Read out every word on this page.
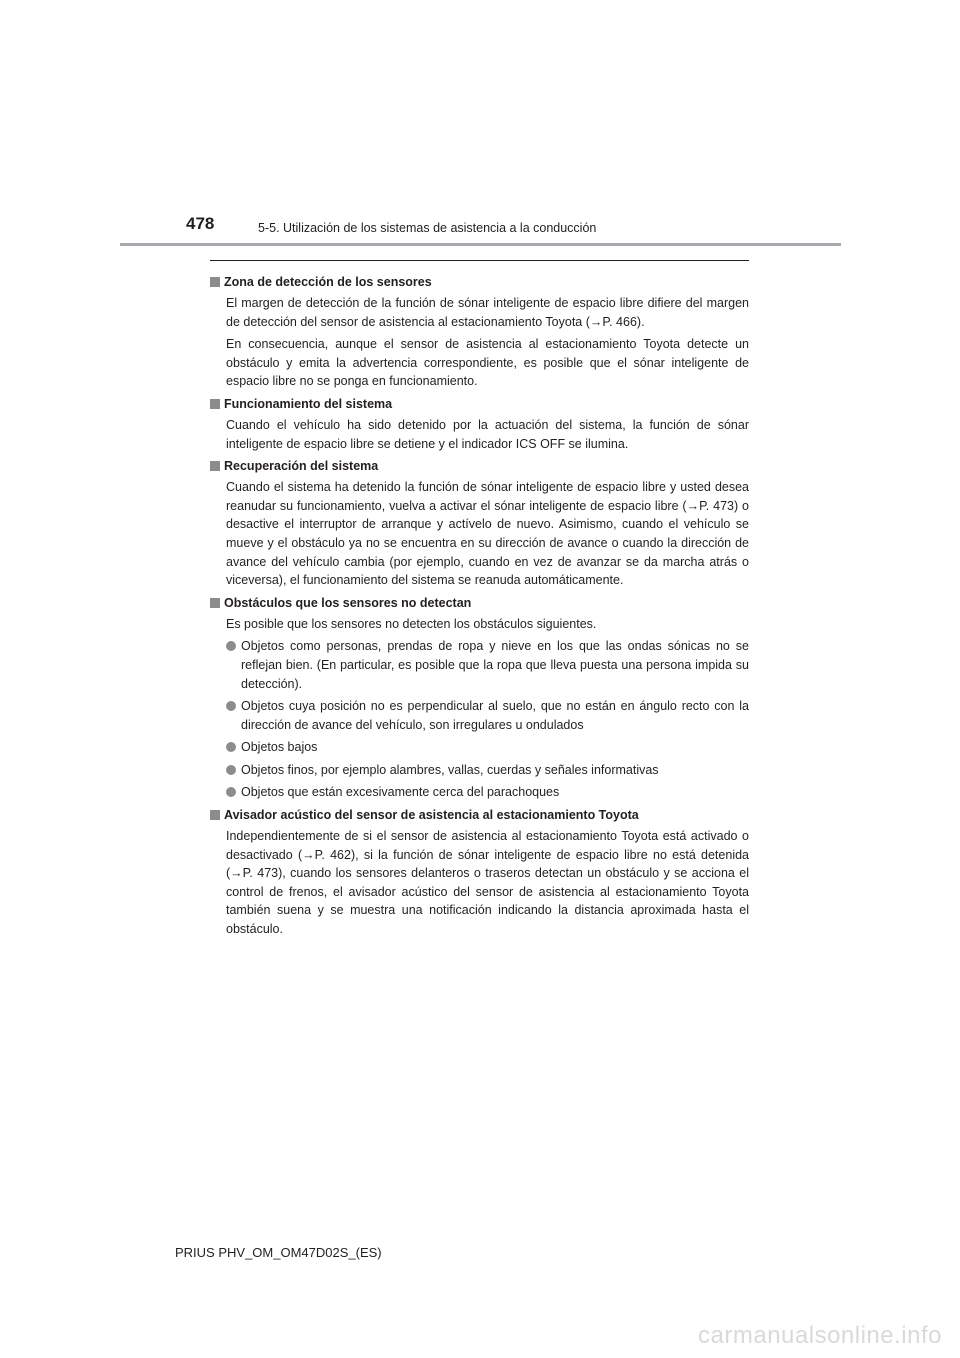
478	5-5. Utilización de los sistemas de asistencia a la conducción
Zona de detección de los sensores

El margen de detección de la función de sónar inteligente de espacio libre difiere del margen de detección del sensor de asistencia al estacionamiento Toyota (→P. 466).

En consecuencia, aunque el sensor de asistencia al estacionamiento Toyota detecte un obstáculo y emita la advertencia correspondiente, es posible que el sónar inteligente de espacio libre no se ponga en funcionamiento.

Funcionamiento del sistema

Cuando el vehículo ha sido detenido por la actuación del sistema, la función de sónar inteligente de espacio libre se detiene y el indicador ICS OFF se ilumina.

Recuperación del sistema

Cuando el sistema ha detenido la función de sónar inteligente de espacio libre y usted desea reanudar su funcionamiento, vuelva a activar el sónar inteligente de espacio libre (→P. 473) o desactive el interruptor de arranque y actívelo de nuevo. Asimismo, cuando el vehículo se mueve y el obstáculo ya no se encuentra en su dirección de avance o cuando la dirección de avance del vehículo cambia (por ejemplo, cuando en vez de avanzar se da marcha atrás o viceversa), el funcionamiento del sistema se reanuda automáticamente.

Obstáculos que los sensores no detectan

Es posible que los sensores no detecten los obstáculos siguientes.

Objetos como personas, prendas de ropa y nieve en los que las ondas sónicas no se reflejan bien. (En particular, es posible que la ropa que lleva puesta una persona impida su detección).
Objetos cuya posición no es perpendicular al suelo, que no están en ángulo recto con la dirección de avance del vehículo, son irregulares u ondulados
Objetos bajos
Objetos finos, por ejemplo alambres, vallas, cuerdas y señales informativas
Objetos que están excesivamente cerca del parachoques
Avisador acústico del sensor de asistencia al estacionamiento Toyota

Independientemente de si el sensor de asistencia al estacionamiento Toyota está activado o desactivado (→P. 462), si la función de sónar inteligente de espacio libre no está detenida (→P. 473), cuando los sensores delanteros o traseros detectan un obstáculo y se acciona el control de frenos, el avisador acústico del sensor de asistencia al estacionamiento Toyota también suena y se muestra una notificación indicando la distancia aproximada hasta el obstáculo.

PRIUS PHV_OM_OM47D02S_(ES)
carmanualsonline.info
